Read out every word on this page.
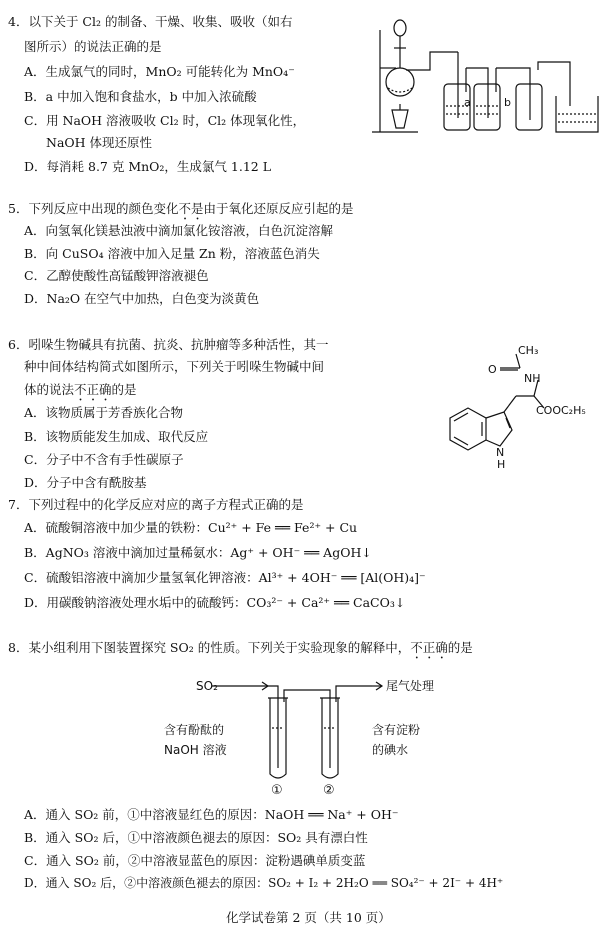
4．以下关于 Cl₂ 的制备、干燥、收集、吸收（如右
图所示）的说法正确的是
A．生成氯气的同时，MnO₂ 可能转化为 MnO₄⁻
B．a 中加入饱和食盐水，b 中加入浓硫酸
C．用 NaOH 溶液吸收 Cl₂ 时，Cl₂ 体现氧化性，
NaOH 体现还原性
D．每消耗 8.7 克 MnO₂，生成氯气 1.12 L
a	b
5．下列反应中出现的颜色变化不是由于氧化还原反应引起的是
A．向氢氧化镁悬浊液中滴加氯化铵溶液，白色沉淀溶解
B．向 CuSO₄ 溶液中加入足量 Zn 粉，溶液蓝色消失
C．乙醇使酸性高锰酸钾溶液褪色
D．Na₂O 在空气中加热，白色变为淡黄色
6．吲哚生物碱具有抗菌、抗炎、抗肿瘤等多种活性，其一
种中间体结构简式如图所示，下列关于吲哚生物碱中间
体的说法不正确的是
A．该物质属于芳香族化合物
B．该物质能发生加成、取代反应
C．分子中不含有手性碳原子
D．分子中含有酰胺基
CH₃
O
NH
COOC₂H₅
N
H
7．下列过程中的化学反应对应的离子方程式正确的是
A．硫酸铜溶液中加少量的铁粉：Cu²⁺ + Fe ══ Fe²⁺ + Cu
B．AgNO₃ 溶液中滴加过量稀氨水：Ag⁺ + OH⁻ ══ AgOH↓
C．硫酸铝溶液中滴加少量氢氧化钾溶液：Al³⁺ + 4OH⁻ ══ [Al(OH)₄]⁻
D．用碳酸钠溶液处理水垢中的硫酸钙：CO₃²⁻ + Ca²⁺ ══ CaCO₃↓
8．某小组利用下图装置探究 SO₂ 的性质。下列关于实验现象的解释中，不正确的是
SO₂	尾气处理
含有酚酞的
NaOH 溶液
含有淀粉
的碘水
①	②
A．通入 SO₂ 前，①中溶液显红色的原因：NaOH ══ Na⁺ + OH⁻
B．通入 SO₂ 后，①中溶液颜色褪去的原因：SO₂ 具有漂白性
C．通入 SO₂ 前，②中溶液显蓝色的原因：淀粉遇碘单质变蓝
D．通入 SO₂ 后，②中溶液颜色褪去的原因：SO₂ + I₂ + 2H₂O ══ SO₄²⁻ + 2I⁻ + 4H⁺
化学试卷第 2 页（共 10 页）
